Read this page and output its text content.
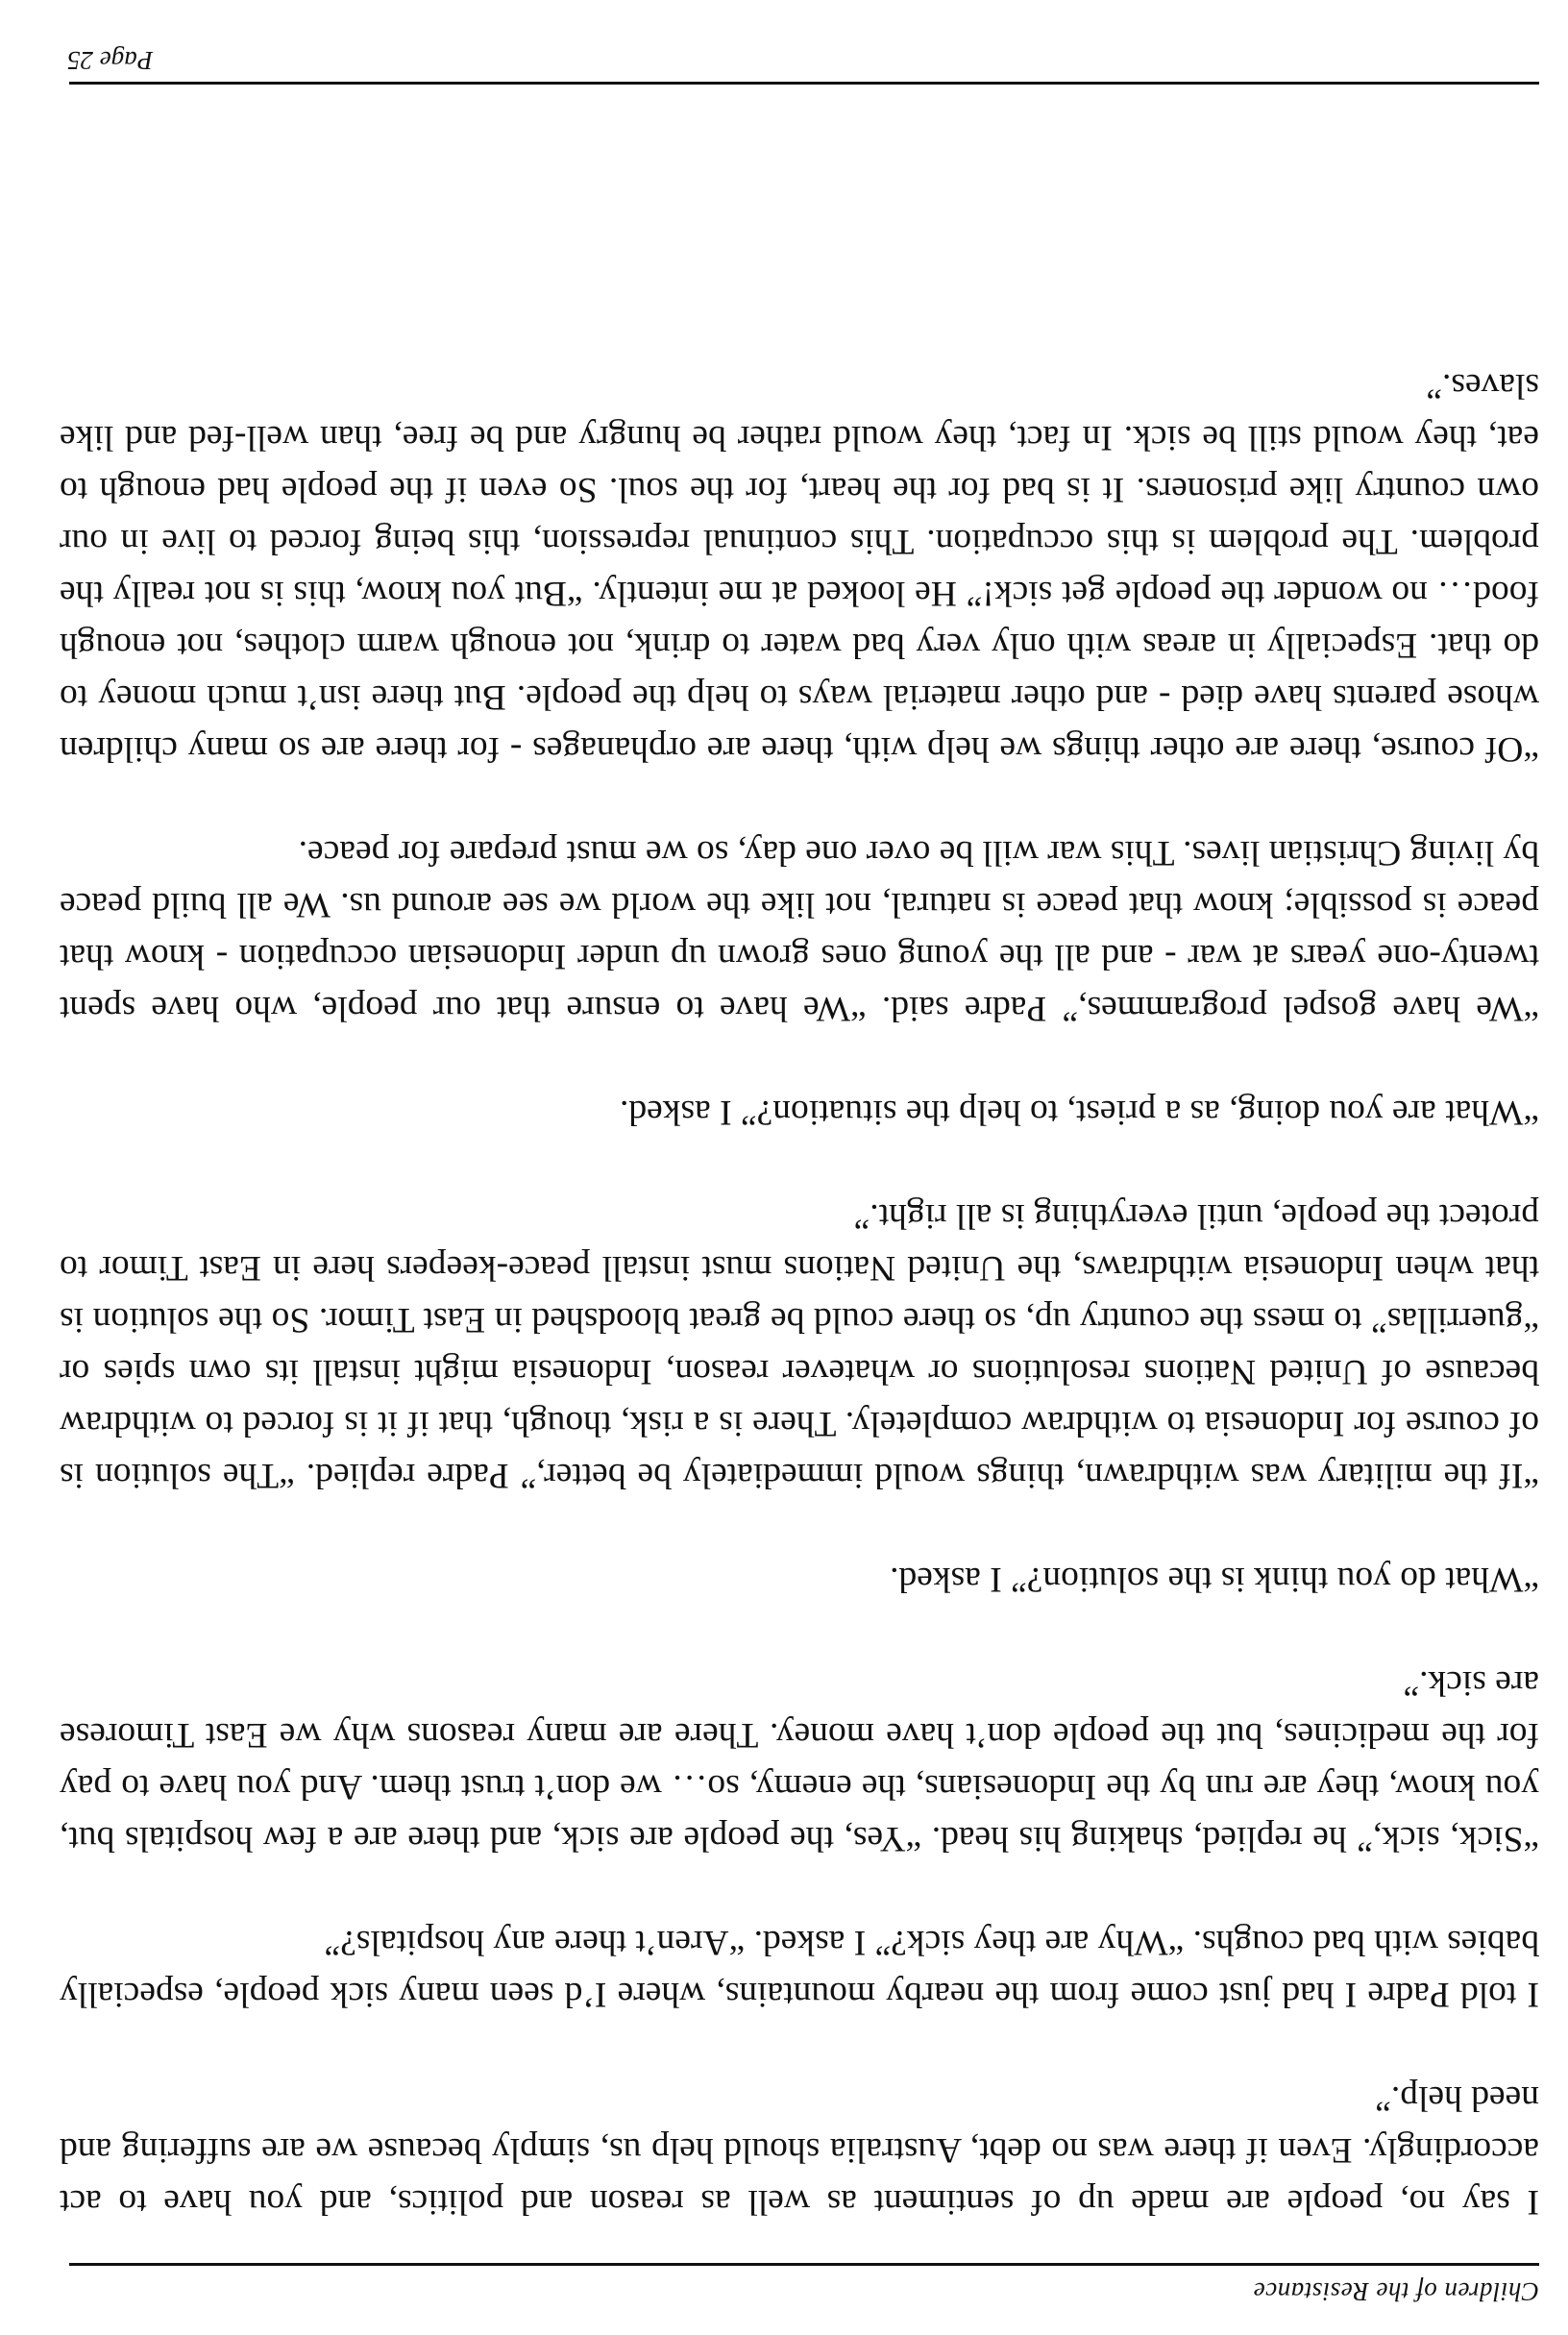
Children of the Resistance

I say no, people are made up of sentiment as well as reason and politics, and you have to act accordingly. Even if there was no debt, Australia should help us, simply because we are suffering and need help.”

I told Padre I had just come from the nearby mountains, where I’d seen many sick people, especially babies with bad coughs. “Why are they sick?” I asked. “Aren’t there any hospitals?”

“Sick, sick,” he replied, shaking his head. “Yes, the people are sick, and there are a few hospitals but, you know, they are run by the Indonesians, the enemy, so… we don’t trust them. And you have to pay for the medicines, but the people don’t have money. There are many reasons why we East Timorese are sick.”

“What do you think is the solution?” I asked.

“If the military was withdrawn, things would immediately be better,” Padre replied. “The solution is of course for Indonesia to withdraw completely. There is a risk, though, that if it is forced to withdraw because of United Nations resolutions or whatever reason, Indonesia might install its own spies or “guerrillas” to mess the country up, so there could be great bloodshed in East Timor. So the solution is that when Indonesia withdraws, the United Nations must install peace-keepers here in East Timor to protect the people, until everything is all right.”

“What are you doing, as a priest, to help the situation?” I asked.

“We have gospel programmes,” Padre said. “We have to ensure that our people, who have spent twenty-one years at war - and all the young ones grown up under Indonesian occupation - know that peace is possible; know that peace is natural, not like the world we see around us. We all build peace by living Christian lives. This war will be over one day, so we must prepare for peace.

“Of course, there are other things we help with, there are orphanages - for there are so many children whose parents have died - and other material ways to help the people. But there isn’t much money to do that. Especially in areas with only very bad water to drink, not enough warm clothes, not enough food… no wonder the people get sick!” He looked at me intently. “But you know, this is not really the problem. The problem is this occupation. This continual repression, this being forced to live in our own country like prisoners. It is bad for the heart, for the soul. So even if the people had enough to eat, they would still be sick. In fact, they would rather be hungry and be free, than well-fed and like slaves.”

Page 25
